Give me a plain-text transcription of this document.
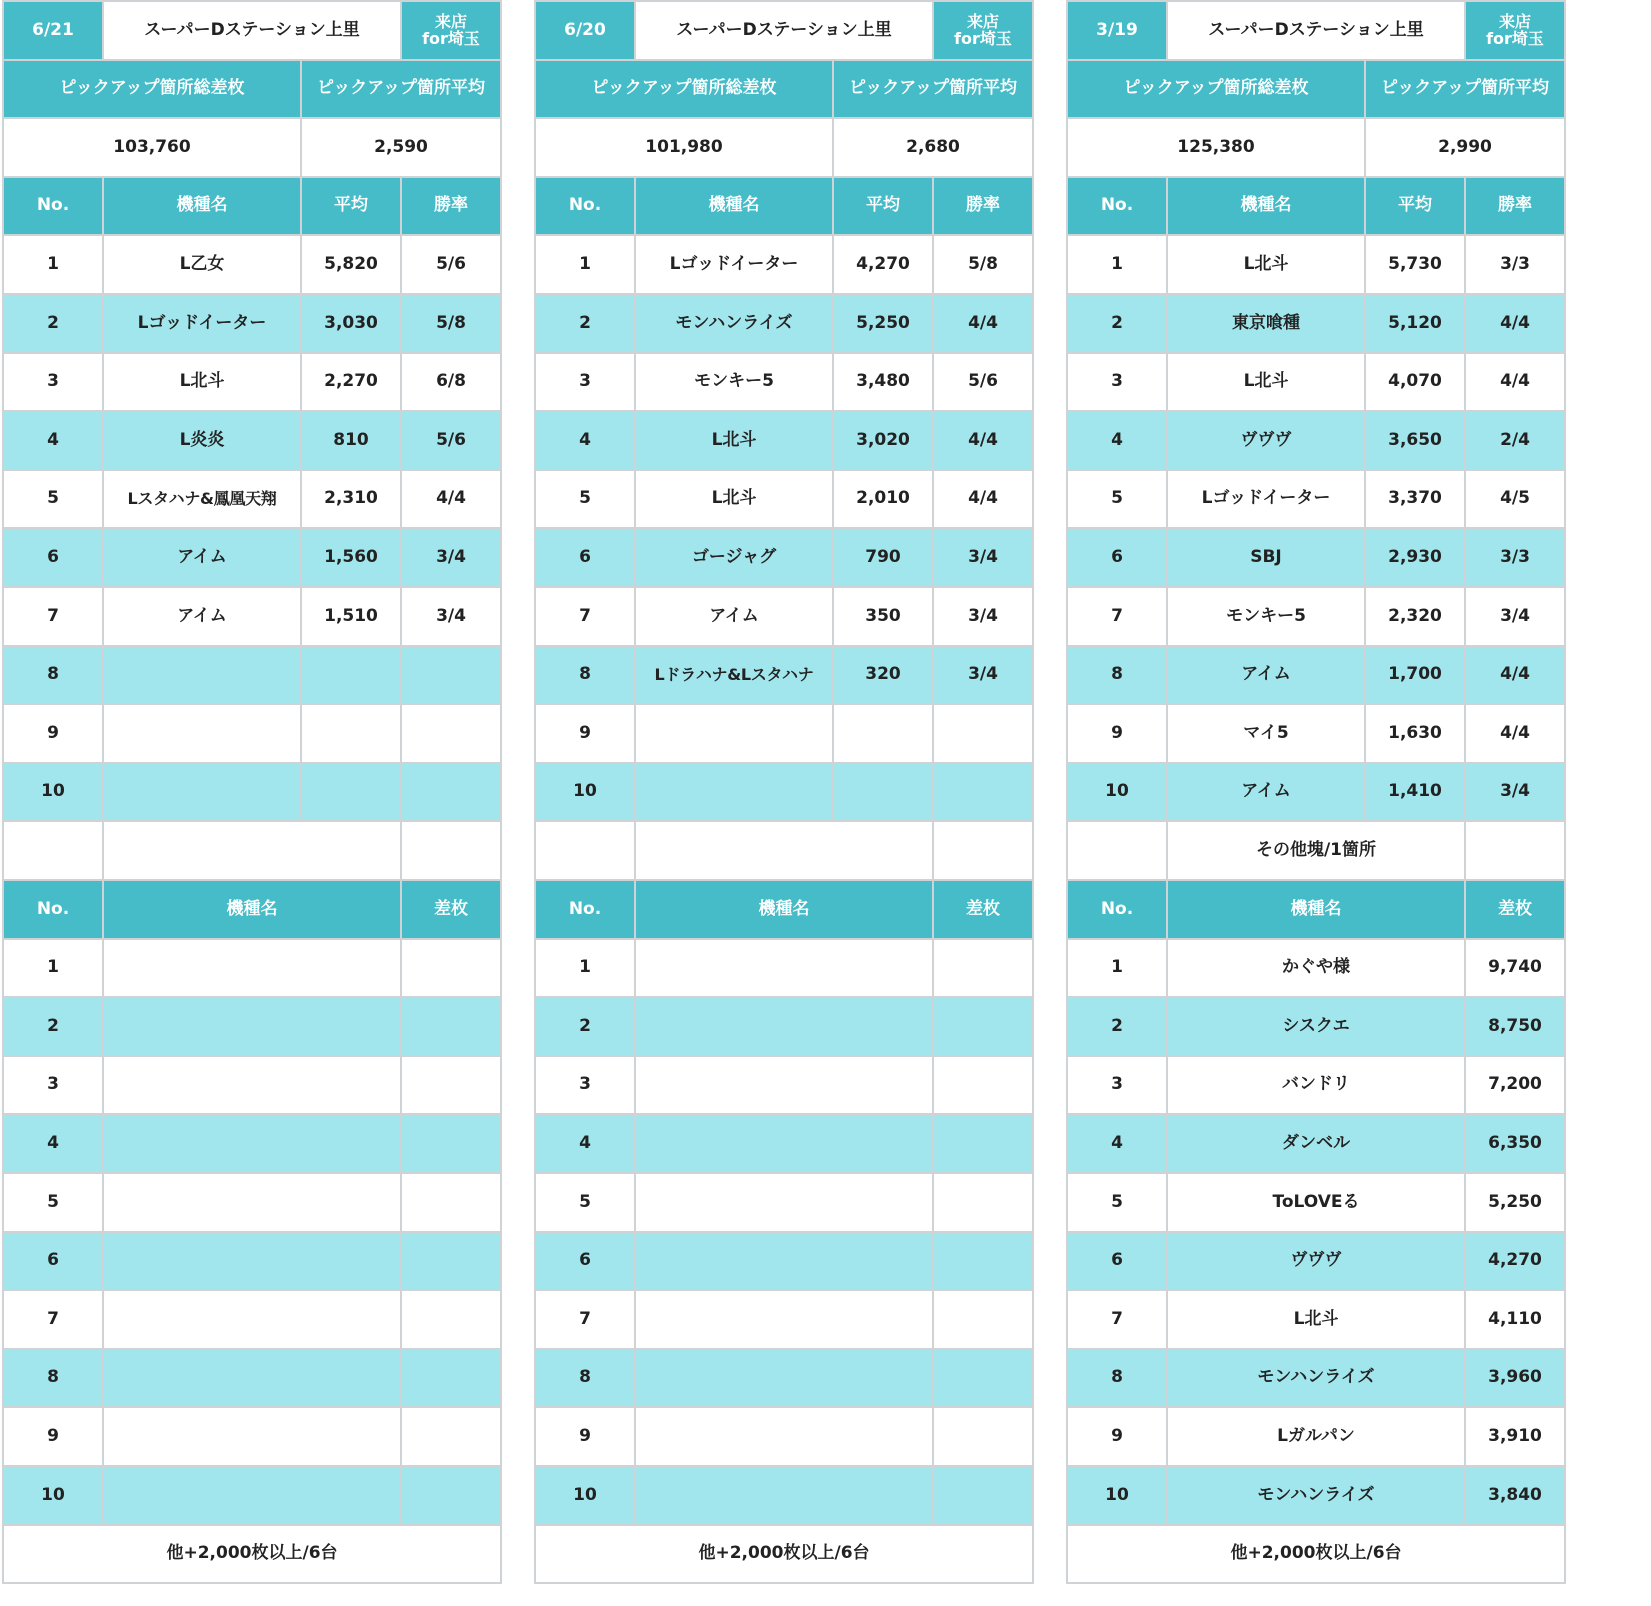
6/21	スーパーDステーション上里	来店
for埼玉
ピックアップ箇所総差枚	ピックアップ箇所平均
103,760	2,590
No.	機種名	平均	勝率
1	L乙女	5,820	5/6
2	Lゴッドイーター	3,030	5/8
3	L北斗	2,270	6/8
4	L炎炎	810	5/6
5	Lスタハナ&鳳凰天翔	2,310	4/4
6	アイム	1,560	3/4
7	アイム	1,510	3/4
8
9
10
No.	機種名	差枚
1
2
3
4
5
6
7
8
9
10
他+2,000枚以上/6台
6/20	スーパーDステーション上里	来店
for埼玉
ピックアップ箇所総差枚	ピックアップ箇所平均
101,980	2,680
No.	機種名	平均	勝率
1	Lゴッドイーター	4,270	5/8
2	モンハンライズ	5,250	4/4
3	モンキー5	3,480	5/6
4	L北斗	3,020	4/4
5	L北斗	2,010	4/4
6	ゴージャグ	790	3/4
7	アイム	350	3/4
8	Lドラハナ&Lスタハナ	320	3/4
9
10
No.	機種名	差枚
1
2
3
4
5
6
7
8
9
10
他+2,000枚以上/6台
3/19	スーパーDステーション上里	来店
for埼玉
ピックアップ箇所総差枚	ピックアップ箇所平均
125,380	2,990
No.	機種名	平均	勝率
1	L北斗	5,730	3/3
2	東京喰種	5,120	4/4
3	L北斗	4,070	4/4
4	ヴヴヴ	3,650	2/4
5	Lゴッドイーター	3,370	4/5
6	SBJ	2,930	3/3
7	モンキー5	2,320	3/4
8	アイム	1,700	4/4
9	マイ5	1,630	4/4
10	アイム	1,410	3/4
その他塊/1箇所
No.	機種名	差枚
1	かぐや様	9,740
2	シスクエ	8,750
3	バンドリ	7,200
4	ダンベル	6,350
5	ToLOVEる	5,250
6	ヴヴヴ	4,270
7	L北斗	4,110
8	モンハンライズ	3,960
9	Lガルパン	3,910
10	モンハンライズ	3,840
他+2,000枚以上/6台
